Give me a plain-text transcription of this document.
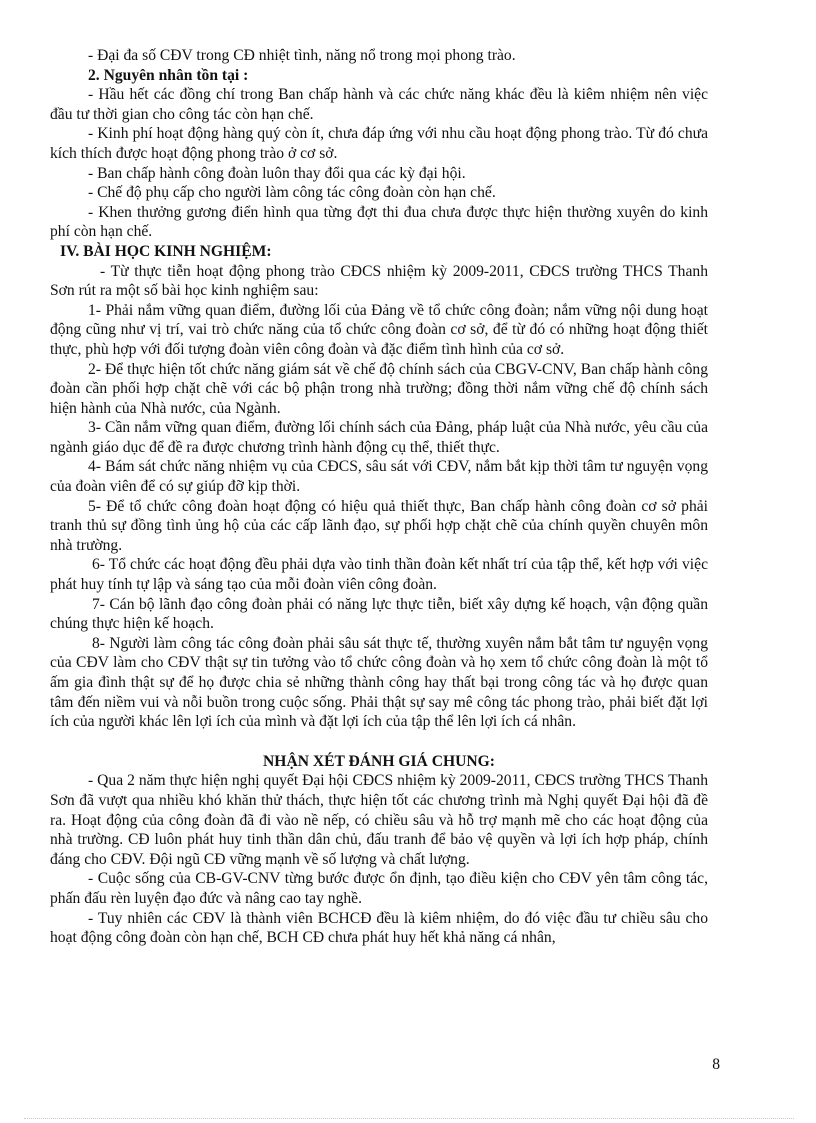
- Đại đa số CĐV trong CĐ nhiệt tình, năng nổ trong mọi phong trào.

2. Nguyên nhân tồn tại :

- Hầu hết các đồng chí trong Ban chấp hành và các chức năng khác đều là kiêm nhiệm nên việc đầu tư thời gian cho công tác còn hạn chế.

- Kinh phí hoạt động hàng quý còn ít, chưa đáp ứng với nhu cầu hoạt động phong trào. Từ đó chưa kích thích được hoạt động phong trào ở cơ sở.

- Ban chấp hành công đoàn luôn thay đổi qua các kỳ đại hội.

- Chế độ phụ cấp cho người làm công tác công đoàn còn hạn chế.

- Khen thưởng gương điển hình qua từng đợt thi đua chưa được thực hiện thường xuyên do kinh phí còn hạn chế.

IV. BÀI HỌC KINH NGHIỆM:

- Từ thực tiễn hoạt động phong trào CĐCS nhiệm kỳ 2009-2011, CĐCS trường THCS Thanh Sơn rút ra một số bài học kinh nghiệm sau:

1- Phải nắm vững quan điểm, đường lối của Đảng về tổ chức công đoàn; nắm vững nội dung hoạt động cũng như vị trí, vai trò chức năng của tổ chức công đoàn cơ sở, để từ đó có những hoạt động thiết thực, phù hợp với đối tượng đoàn viên công đoàn và đặc điểm tình hình của cơ sở.

2- Để thực hiện tốt chức năng giám sát về chế độ chính sách của CBGV-CNV, Ban chấp hành công đoàn cần phối hợp chặt chẽ với các bộ phận trong nhà trường; đồng thời nắm vững chế độ chính sách hiện hành của Nhà nước, của Ngành.

3- Cần nắm vững quan điểm, đường lối chính sách của Đảng, pháp luật của Nhà nước, yêu cầu của ngành giáo dục để đề ra được chương trình hành động cụ thể, thiết thực.

4- Bám sát chức năng nhiệm vụ của CĐCS, sâu sát với CĐV, nắm bắt kịp thời tâm tư nguyện vọng của đoàn viên để có sự giúp đỡ kịp thời.

5- Để tổ chức công đoàn hoạt động có hiệu quả thiết thực, Ban chấp hành công đoàn cơ sở phải tranh thủ sự đồng tình ủng hộ của các cấp lãnh đạo, sự phối hợp chặt chẽ của chính quyền chuyên môn nhà trường.

6- Tổ chức các hoạt động đều phải dựa vào tinh thần đoàn kết nhất trí của tập thể, kết hợp với việc phát huy tính tự lập và sáng tạo của mỗi đoàn viên công đoàn.

7- Cán bộ lãnh đạo công đoàn phải có năng lực thực tiễn, biết xây dựng kế hoạch, vận động quần chúng thực hiện kế hoạch.

8- Người làm công tác công đoàn phải sâu sát thực tế, thường xuyên nắm bắt tâm tư nguyện vọng của CĐV làm cho CĐV thật sự tin tưởng vào tổ chức công đoàn và họ xem tổ chức công đoàn là một tổ ấm gia đình thật sự để họ được chia sẻ những thành công hay thất bại trong công tác và họ được quan tâm đến niềm vui và nỗi buồn trong cuộc sống. Phải thật sự say mê công tác phong trào, phải biết đặt lợi ích của người khác lên lợi ích của mình và đặt lợi ích của tập thể lên lợi ích cá nhân.

NHẬN XÉT ĐÁNH GIÁ CHUNG:

- Qua 2 năm thực hiện nghị quyết Đại hội CĐCS nhiệm kỳ 2009-2011, CĐCS trường THCS Thanh Sơn đã vượt qua nhiều khó khăn thử thách, thực hiện tốt các chương trình mà Nghị quyết Đại hội đã đề ra. Hoạt động của công đoàn đã đi vào nề nếp, có chiều sâu và hỗ trợ mạnh mẽ cho các hoạt động của nhà trường. CĐ luôn phát huy tinh thần dân chủ, đấu tranh để bảo vệ quyền và lợi ích hợp pháp, chính đáng cho CĐV. Đội ngũ CĐ vững mạnh về số lượng và chất lượng.

- Cuộc sống của CB-GV-CNV từng bước được ổn định, tạo điều kiện cho CĐV yên tâm công tác, phấn đấu rèn luyện đạo đức và nâng cao tay nghề.

- Tuy nhiên các CĐV là thành viên BCHCĐ đều là kiêm nhiệm, do đó việc đầu tư chiều sâu cho hoạt động công đoàn còn hạn chế, BCH CĐ chưa phát huy hết khả năng cá nhân,

8
